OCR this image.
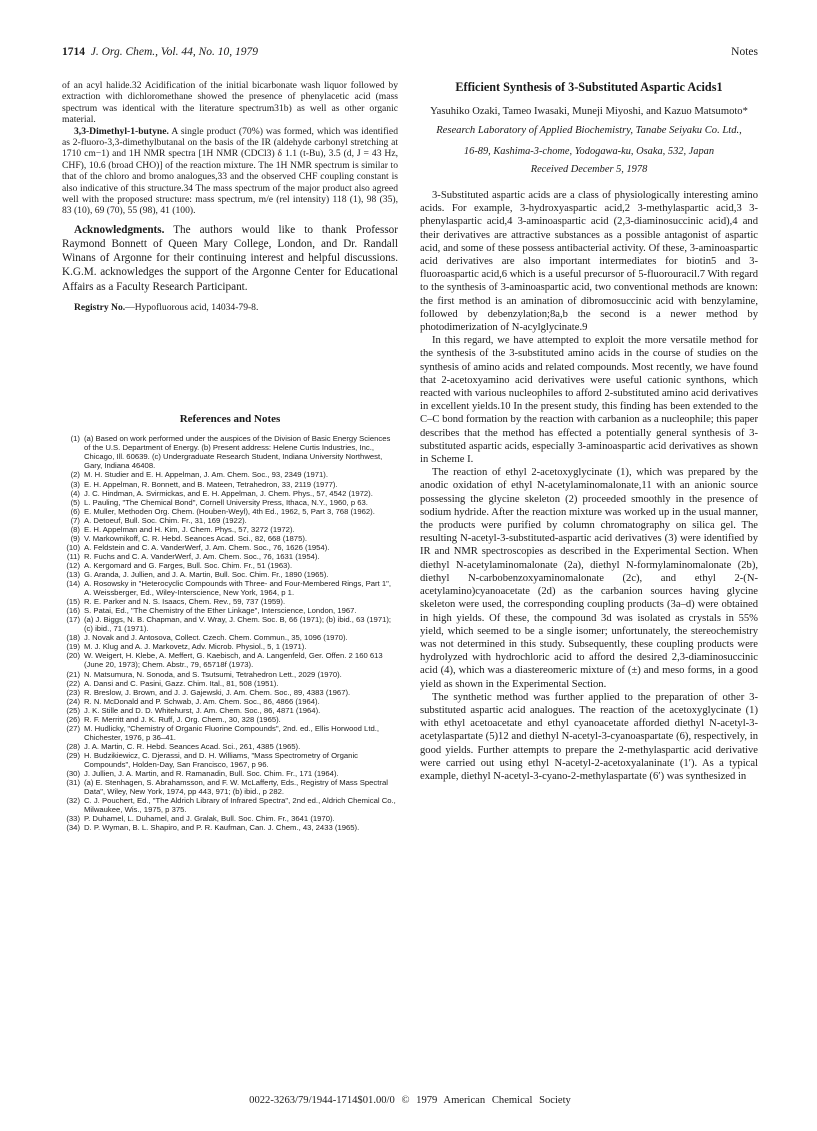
1714 J. Org. Chem., Vol. 44, No. 10, 1979	Notes

of an acyl halide.32 Acidification of the initial bicarbonate wash liquor followed by extraction with dichloromethane showed the presence of phenylacetic acid (mass spectrum was identical with the literature spectrum31b) as well as other organic material.

3,3-Dimethyl-1-butyne. A single product (70%) was formed, which was identified as 2-fluoro-3,3-dimethylbutanal on the basis of the IR (aldehyde carbonyl stretching at 1710 cm−1) and 1H NMR spectra [1H NMR (CDCl3) δ 1.1 (t-Bu), 3.5 (d, J = 43 Hz, CHF), 10.6 (broad CHO)] of the reaction mixture. The 1H NMR spectrum is similar to that of the chloro and bromo analogues,33 and the observed CHF coupling constant is also indicative of this structure.34 The mass spectrum of the major product also agreed well with the proposed structure: mass spectrum, m/e (rel intensity) 118 (1), 98 (35), 83 (10), 69 (70), 55 (98), 41 (100).

Acknowledgments. The authors would like to thank Professor Raymond Bonnett of Queen Mary College, London, and Dr. Randall Winans of Argonne for their continuing interest and helpful discussions. K.G.M. acknowledges the support of the Argonne Center for Educational Affairs as a Faculty Research Participant.

Registry No.—Hypofluorous acid, 14034-79-8.

References and Notes
(1) (a) Based on work performed under the auspices of the Division of Basic Energy Sciences of the U.S. Department of Energy. (b) Present address: Helene Curtis Industries, Inc., Chicago, Ill. 60639. (c) Undergraduate Research Student, Indiana University Northwest, Gary, Indiana 46408.
(2) M. H. Studier and E. H. Appelman, J. Am. Chem. Soc., 93, 2349 (1971).
(3) E. H. Appelman, R. Bonnett, and B. Mateen, Tetrahedron, 33, 2119 (1977).
(4) J. C. Hindman, A. Svirmickas, and E. H. Appelman, J. Chem. Phys., 57, 4542 (1972).
(5) L. Pauling, "The Chemical Bond", Cornell University Press, Ithaca, N.Y., 1960, p 63.
(6) E. Muller, Methoden Org. Chem. (Houben-Weyl), 4th Ed., 1962, 5, Part 3, 768 (1962).
(7) A. Detoeuf, Bull. Soc. Chim. Fr., 31, 169 (1922).
(8) E. H. Appelman and H. Kim, J. Chem. Phys., 57, 3272 (1972).
(9) V. Markownikoff, C. R. Hebd. Seances Acad. Sci., 82, 668 (1875).
(10) A. Feldstein and C. A. VanderWerf, J. Am. Chem. Soc., 76, 1626 (1954).
(11) R. Fuchs and C. A. VanderWerf, J. Am. Chem. Soc., 76, 1631 (1954).
(12) A. Kergomard and G. Farges, Bull. Soc. Chim. Fr., 51 (1963).
(13) G. Aranda, J. Jullien, and J. A. Martin, Bull. Soc. Chim. Fr., 1890 (1965).
(14) A. Rosowsky in "Heterocyclic Compounds with Three- and Four-Membered Rings, Part 1", A. Weissberger, Ed., Wiley-Interscience, New York, 1964, p 1.
(15) R. E. Parker and N. S. Isaacs, Chem. Rev., 59, 737 (1959).
(16) S. Patai, Ed., "The Chemistry of the Ether Linkage", Interscience, London, 1967.
(17) (a) J. Biggs, N. B. Chapman, and V. Wray, J. Chem. Soc. B, 66 (1971); (b) ibid., 63 (1971); (c) ibid., 71 (1971).
(18) J. Novak and J. Antosova, Collect. Czech. Chem. Commun., 35, 1096 (1970).
(19) M. J. Klug and A. J. Markovetz, Adv. Microb. Physiol., 5, 1 (1971).
(20) W. Weigert, H. Klebe, A. Meffert, G. Kaebisch, and A. Langenfeld, Ger. Offen. 2 160 613 (June 20, 1973); Chem. Abstr., 79, 65718f (1973).
(21) N. Matsumura, N. Sonoda, and S. Tsutsumi, Tetrahedron Lett., 2029 (1970).
(22) A. Dansi and C. Pasini, Gazz. Chim. Ital., 81, 508 (1951).
(23) R. Breslow, J. Brown, and J. J. Gajewski, J. Am. Chem. Soc., 89, 4383 (1967).
(24) R. N. McDonald and P. Schwab, J. Am. Chem. Soc., 86, 4866 (1964).
(25) J. K. Stille and D. D. Whitehurst, J. Am. Chem. Soc., 86, 4871 (1964).
(26) R. F. Merritt and J. K. Ruff, J. Org. Chem., 30, 328 (1965).
(27) M. Hudlicky, "Chemistry of Organic Fluorine Compounds", 2nd. ed., Ellis Horwood Ltd., Chichester, 1976, p 36–41.
(28) J. A. Martin, C. R. Hebd. Seances Acad. Sci., 261, 4385 (1965).
(29) H. Budzikiewicz, C. Djerassi, and D. H. Williams, "Mass Spectrometry of Organic Compounds", Holden-Day, San Francisco, 1967, p 96.
(30) J. Jullien, J. A. Martin, and R. Ramanadin, Bull. Soc. Chim. Fr., 171 (1964).
(31) (a) E. Stenhagen, S. Abrahamsson, and F. W. McLafferty, Eds., Registry of Mass Spectral Data", Wiley, New York, 1974, pp 443, 971; (b) ibid., p 282.
(32) C. J. Pouchert, Ed., "The Aldrich Library of Infrared Spectra", 2nd ed., Aldrich Chemical Co., Milwaukee, Wis., 1975, p 375.
(33) P. Duhamel, L. Duhamel, and J. Gralak, Bull. Soc. Chim. Fr., 3641 (1970).
(34) D. P. Wyman, B. L. Shapiro, and P. R. Kaufman, Can. J. Chem., 43, 2433 (1965).
Efficient Synthesis of 3-Substituted Aspartic Acids1
Yasuhiko Ozaki, Tameo Iwasaki, Muneji Miyoshi, and Kazuo Matsumoto*
Research Laboratory of Applied Biochemistry, Tanabe Seiyaku Co. Ltd.,
16-89, Kashima-3-chome, Yodogawa-ku, Osaka, 532, Japan
Received December 5, 1978

3-Substituted aspartic acids are a class of physiologically interesting amino acids. For example, 3-hydroxyaspartic acid,2 3-methylaspartic acid,3 3-phenylaspartic acid,4 3-aminoaspartic acid (2,3-diaminosuccinic acid),4 and their derivatives are attractive substances as a possible antagonist of aspartic acid, and some of these possess antibacterial activity. Of these, 3-aminoaspartic acid derivatives are also important intermediates for biotin5 and 3-fluoroaspartic acid,6 which is a useful precursor of 5-fluorouracil.7 With regard to the synthesis of 3-aminoaspartic acid, two conventional methods are known: the first method is an amination of dibromosuccinic acid with benzylamine, followed by debenzylation;8a,b the second is a newer method by photodimerization of N-acylglycinate.9

In this regard, we have attempted to exploit the more versatile method for the synthesis of the 3-substituted amino acids in the course of studies on the synthesis of amino acids and related compounds. Most recently, we have found that 2-acetoxyamino acid derivatives were useful cationic synthons, which reacted with various nucleophiles to afford 2-substituted amino acid derivatives in excellent yields.10 In the present study, this finding has been extended to the C–C bond formation by the reaction with carbanion as a nucleophile; this paper describes that the method has effected a potentially general synthesis of 3-substituted aspartic acids, especially 3-aminoaspartic acid derivatives as shown in Scheme I.

The reaction of ethyl 2-acetoxyglycinate (1), which was prepared by the anodic oxidation of ethyl N-acetylaminomalonate,11 with an anionic source possessing the glycine skeleton (2) proceeded smoothly in the presence of sodium hydride. After the reaction mixture was worked up in the usual manner, the products were purified by column chromatography on silica gel. The resulting N-acetyl-3-substituted-aspartic acid derivatives (3) were identified by IR and NMR spectroscopies as described in the Experimental Section. When diethyl N-acetylaminomalonate (2a), diethyl N-formylaminomalonate (2b), diethyl N-carbobenzoxyaminomalonate (2c), and ethyl 2-(N-acetylamino)cyanoacetate (2d) as the carbanion sources having glycine skeleton were used, the corresponding coupling products (3a–d) were obtained in high yields. Of these, the compound 3d was isolated as crystals in 55% yield, which seemed to be a single isomer; unfortunately, the stereochemistry was not determined in this study. Subsequently, these coupling products were hydrolyzed with hydrochloric acid to afford the desired 2,3-diaminosuccinic acid (4), which was a diastereomeric mixture of (±) and meso forms, in a good yield as shown in the Experimental Section.

The synthetic method was further applied to the preparation of other 3-substituted aspartic acid analogues. The reaction of the acetoxyglycinate (1) with ethyl acetoacetate and ethyl cyanoacetate afforded diethyl N-acetyl-3-acetylaspartate (5)12 and diethyl N-acetyl-3-cyanoaspartate (6), respectively, in good yields. Further attempts to prepare the 2-methylaspartic acid derivative were carried out using ethyl N-acetyl-2-acetoxyalaninate (1′). As a typical example, diethyl N-acetyl-3-cyano-2-methylaspartate (6′) was synthesized in

0022-3263/79/1944-1714$01.00/0 © 1979 American Chemical Society
